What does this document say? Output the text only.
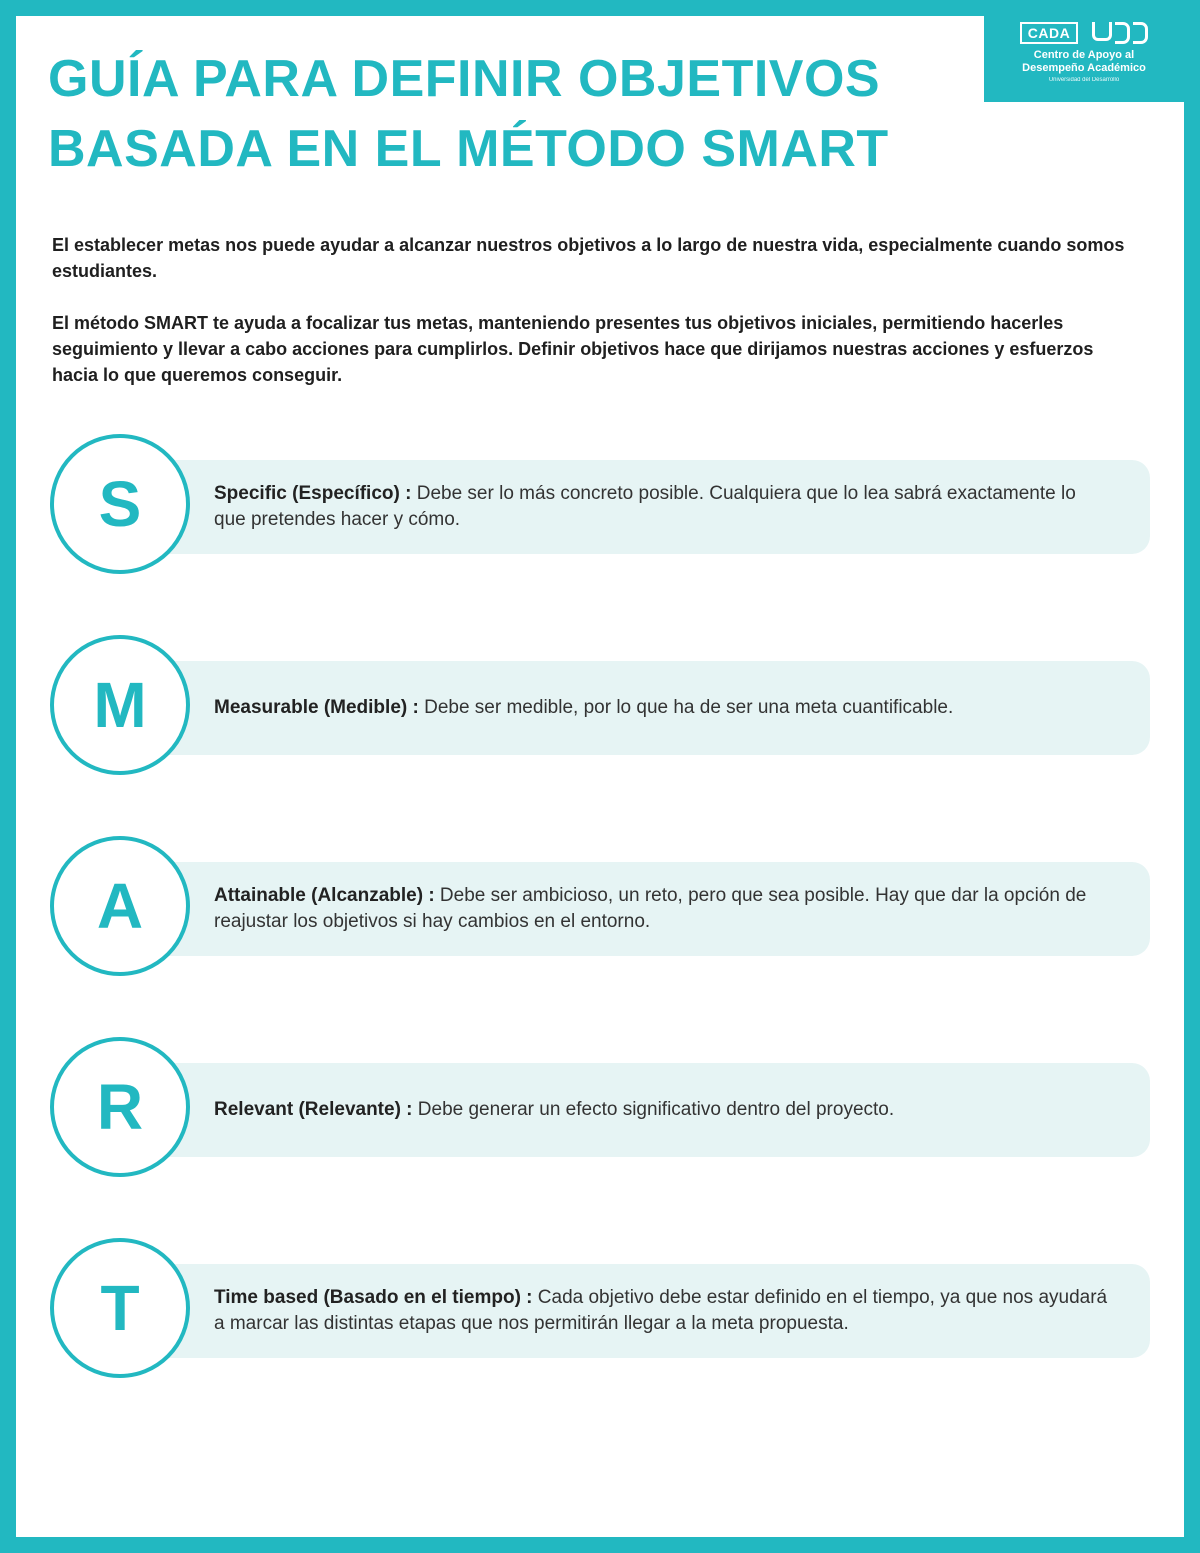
CADA
Centro de Apoyo al
Desempeño Académico
Universidad del Desarrollo
GUÍA PARA DEFINIR OBJETIVOS
BASADA EN EL MÉTODO SMART

El establecer metas nos puede ayudar a alcanzar nuestros objetivos a lo largo de nuestra vida, especialmente cuando somos estudiantes.

El método SMART te ayuda a focalizar tus metas, manteniendo presentes tus objetivos iniciales, permitiendo hacerles seguimiento y llevar a cabo acciones para cumplirlos. Definir objetivos hace que dirijamos nuestras acciones y esfuerzos hacia lo que queremos conseguir.

S	Specific (Específico) : Debe ser lo más concreto posible. Cualquiera que lo lea sabrá exactamente lo que pretendes hacer y cómo.
M	Measurable (Medible) : Debe ser medible, por lo que ha de ser una meta cuantificable.
A	Attainable (Alcanzable) : Debe ser ambicioso, un reto, pero que sea posible. Hay que dar la opción de reajustar los objetivos si hay cambios en el entorno.
R	Relevant (Relevante) : Debe generar un efecto significativo dentro del proyecto.
T	Time based (Basado en el tiempo) : Cada objetivo debe estar definido en el tiempo, ya que nos ayudará a marcar las distintas etapas que nos permitirán llegar a la meta propuesta.
